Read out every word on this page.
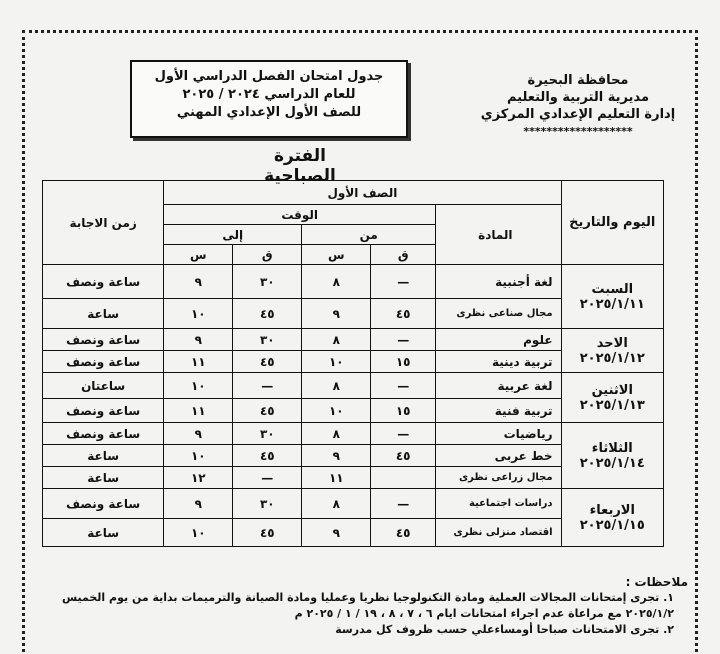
جدول امتحان الفصل الدراسي الأول
للعام الدراسي ٢٠٢٤ / ٢٠٢٥
للصف الأول الإعدادي المهني
محافظة البحيرة
مديرية التربية والتعليم
إدارة التعليم الإعدادي المركزي
*******************
الفترة الصباحية
اليوم والتاريخ	الصف الأول					زمن الاجابة
	المادة	الوقت				
		من		إلى		
		ق	س	ق	س	

السبت
٢٠٢٥/١/١١	لغة أجنبية	—	٨	٣٠	٩	ساعة ونصف
	مجال صناعى نظرى	٤٥	٩	٤٥	١٠	ساعة

الاحد
٢٠٢٥/١/١٢	علوم	—	٨	٣٠	٩	ساعة ونصف
	تربية دينية	١٥	١٠	٤٥	١١	ساعة ونصف

الاثنين
٢٠٢٥/١/١٣	لغة عربية	—	٨	—	١٠	ساعتان
	تربية فنية	١٥	١٠	٤٥	١١	ساعة ونصف

الثلاثاء
٢٠٢٥/١/١٤	رياضيات	—	٨	٣٠	٩	ساعة ونصف
	خط عربى	٤٥	٩	٤٥	١٠	ساعة
	مجال زراعى نظرى		١١	—	١٢	ساعة

الاربعاء
٢٠٢٥/١/١٥	دراسات اجتماعية	—	٨	٣٠	٩	ساعة ونصف
	اقتصاد منزلى نظرى	٤٥	٩	٤٥	١٠	ساعة
ملاحظات :
١. تجرى إمتحانات المجالات العملية ومادة التكنولوجيا نظريا وعمليا ومادة الصيانة والترميمات بداية من يوم الخميس ٢٠٢٥/١/٢ مع مراعاة عدم اجراء امتحانات ايام ٦ ، ٧ ، ٨ ، ١٩ / ١ / ٢٠٢٥ م
٢. تجرى الامتحانات صباحا أومساءعلي حسب ظروف كل مدرسة
